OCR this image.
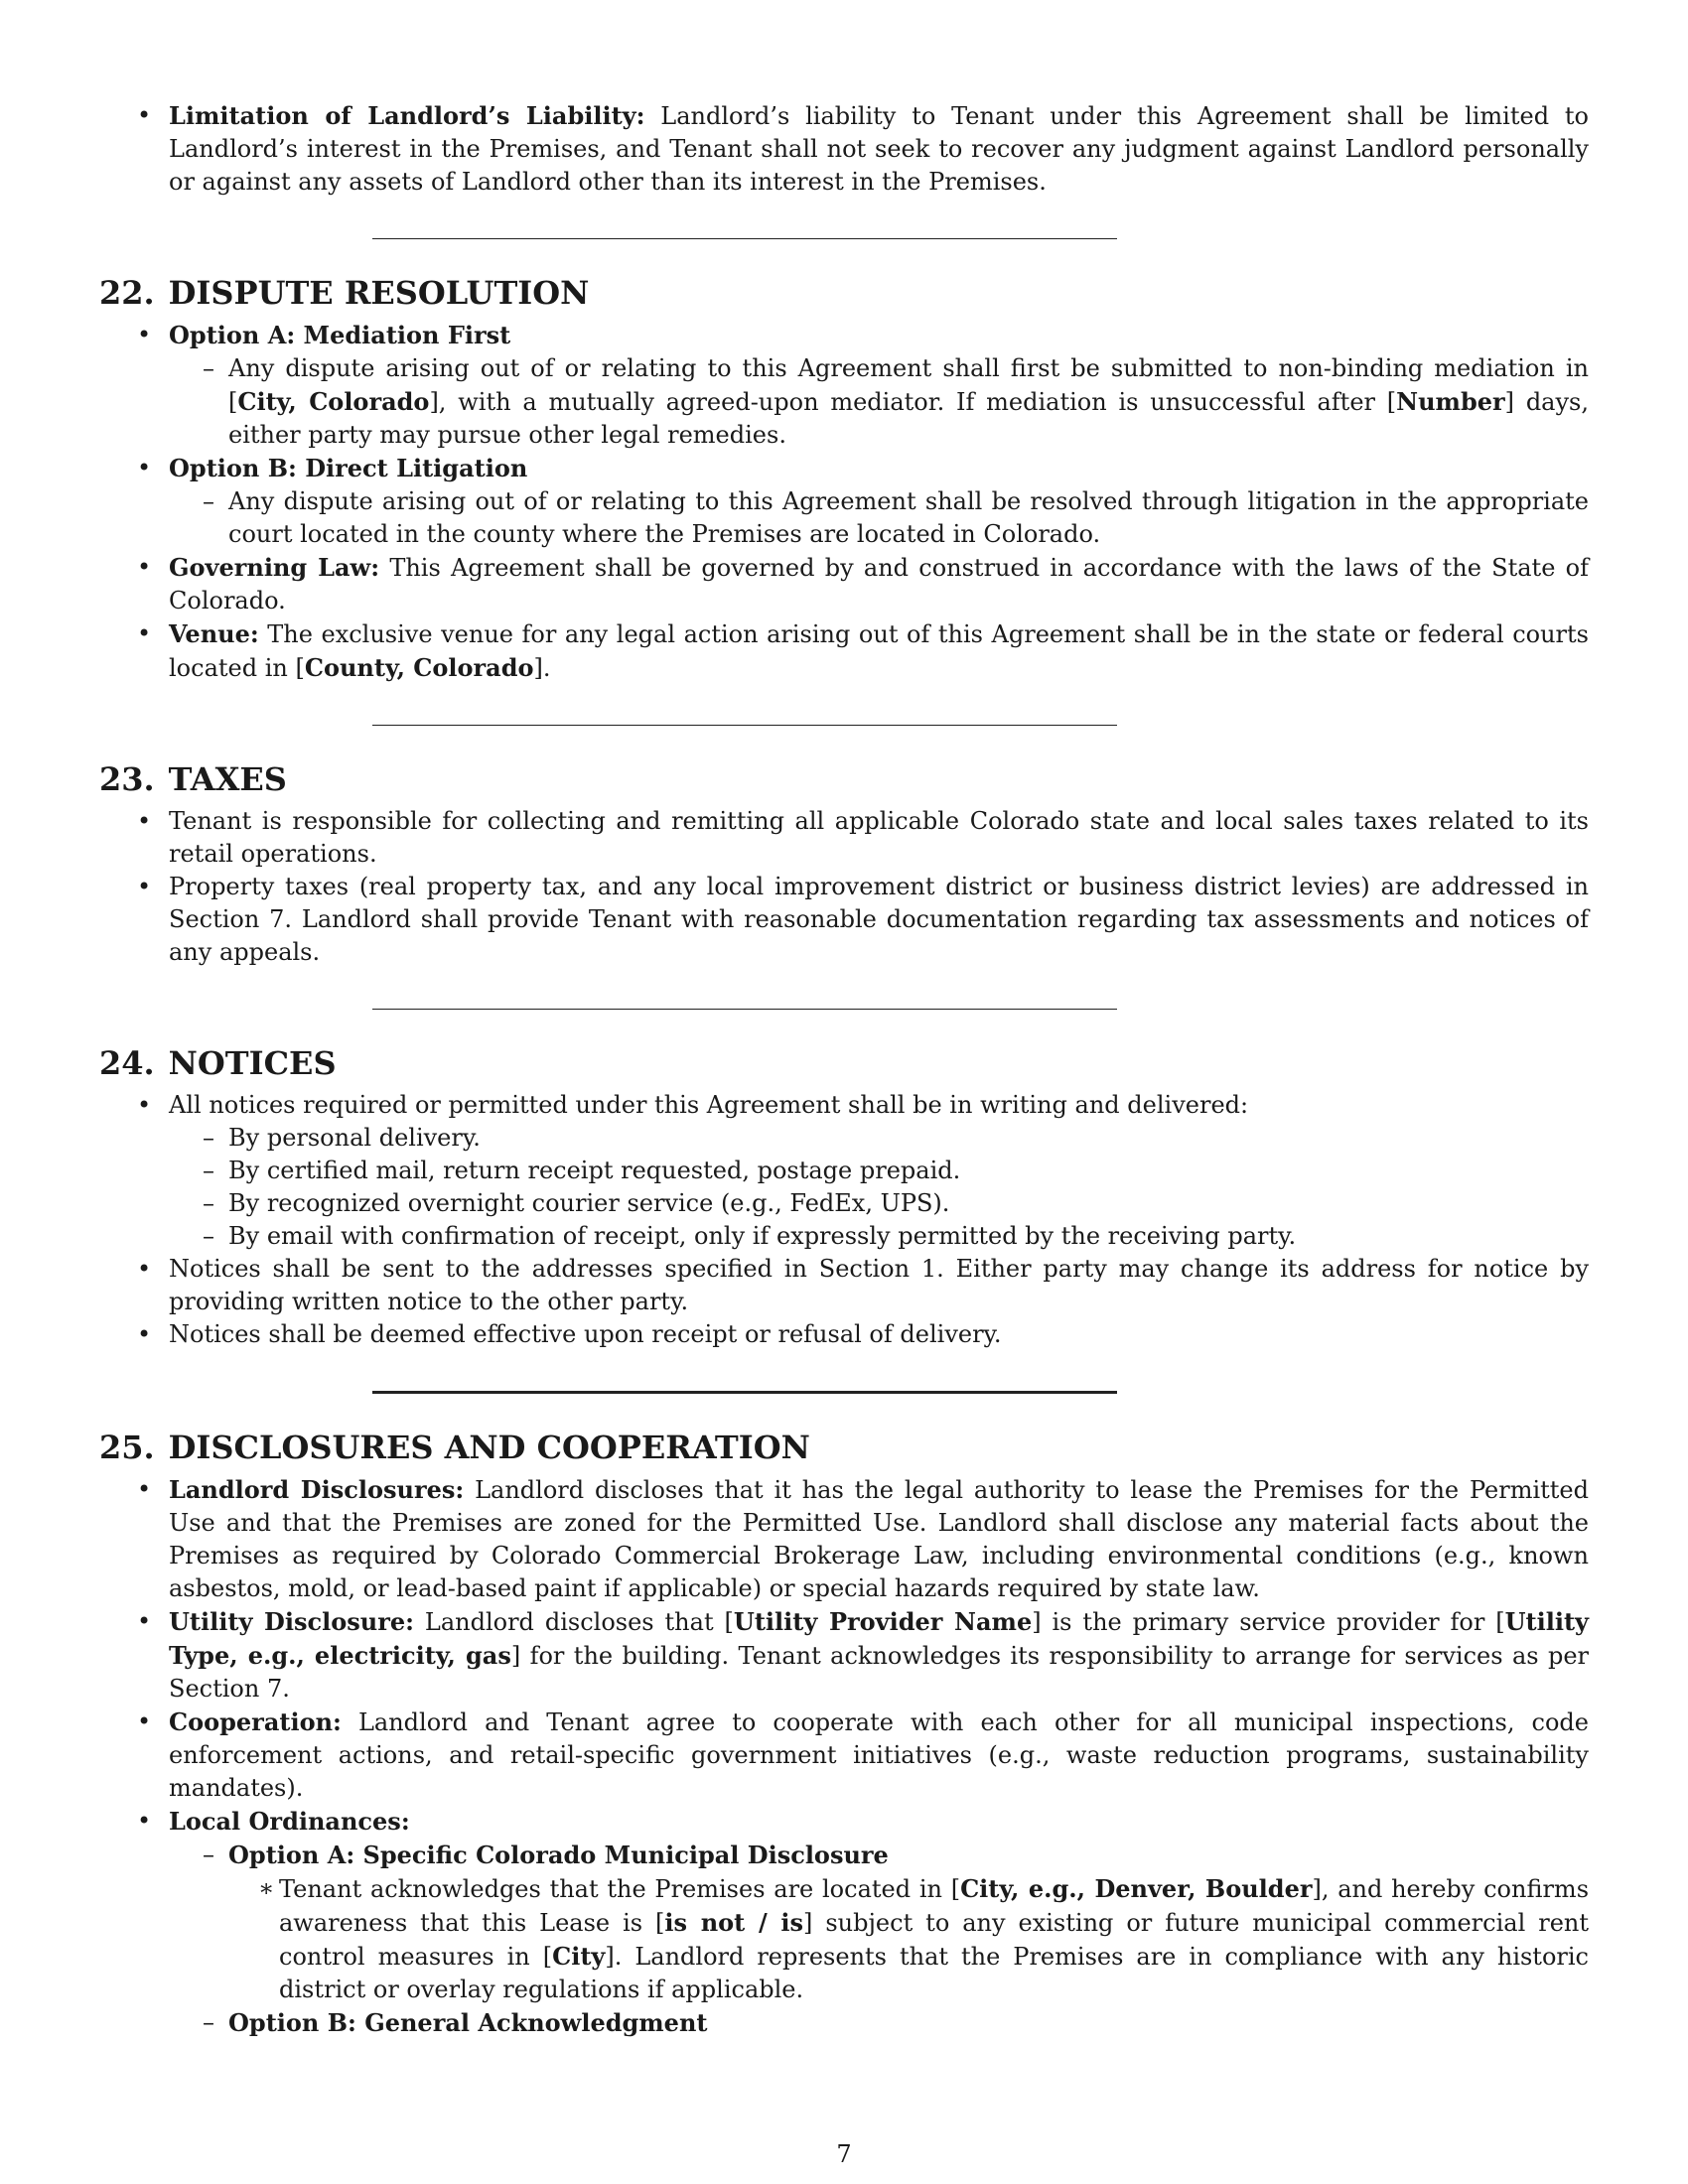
• Limitation of Landlord’s Liability: Landlord’s liability to Tenant under this Agreement shall be limited to Landlord’s interest in the Premises, and Tenant shall not seek to recover any judgment against Landlord personally or against any assets of Landlord other than its interest in the Premises.
22. DISPUTE RESOLUTION
• Option A: Mediation First
– Any dispute arising out of or relating to this Agreement shall first be submitted to non-binding mediation in [City, Colorado], with a mutually agreed-upon mediator. If mediation is unsuccessful after [Number] days, either party may pursue other legal remedies.
• Option B: Direct Litigation
– Any dispute arising out of or relating to this Agreement shall be resolved through litigation in the appropriate court located in the county where the Premises are located in Colorado.
• Governing Law: This Agreement shall be governed by and construed in accordance with the laws of the State of Colorado.
• Venue: The exclusive venue for any legal action arising out of this Agreement shall be in the state or federal courts located in [County, Colorado].
23. TAXES
• Tenant is responsible for collecting and remitting all applicable Colorado state and local sales taxes related to its retail operations.
• Property taxes (real property tax, and any local improvement district or business district levies) are addressed in Section 7. Landlord shall provide Tenant with reasonable documentation regarding tax assessments and notices of any appeals.
24. NOTICES
• All notices required or permitted under this Agreement shall be in writing and delivered:
– By personal delivery.
– By certified mail, return receipt requested, postage prepaid.
– By recognized overnight courier service (e.g., FedEx, UPS).
– By email with confirmation of receipt, only if expressly permitted by the receiving party.
• Notices shall be sent to the addresses specified in Section 1. Either party may change its address for notice by providing written notice to the other party.
• Notices shall be deemed effective upon receipt or refusal of delivery.
25. DISCLOSURES AND COOPERATION
• Landlord Disclosures: Landlord discloses that it has the legal authority to lease the Premises for the Permitted Use and that the Premises are zoned for the Permitted Use. Landlord shall disclose any material facts about the Premises as required by Colorado Commercial Brokerage Law, including environmental conditions (e.g., known asbestos, mold, or lead-based paint if applicable) or special hazards required by state law.
• Utility Disclosure: Landlord discloses that [Utility Provider Name] is the primary service provider for [Utility Type, e.g., electricity, gas] for the building. Tenant acknowledges its responsibility to arrange for services as per Section 7.
• Cooperation: Landlord and Tenant agree to cooperate with each other for all municipal inspections, code enforcement actions, and retail-specific government initiatives (e.g., waste reduction programs, sustainability mandates).
• Local Ordinances:
– Option A: Specific Colorado Municipal Disclosure
∗ Tenant acknowledges that the Premises are located in [City, e.g., Denver, Boulder], and hereby confirms awareness that this Lease is [is not / is] subject to any existing or future municipal commercial rent control measures in [City]. Landlord represents that the Premises are in compliance with any historic district or overlay regulations if applicable.
– Option B: General Acknowledgment
7
